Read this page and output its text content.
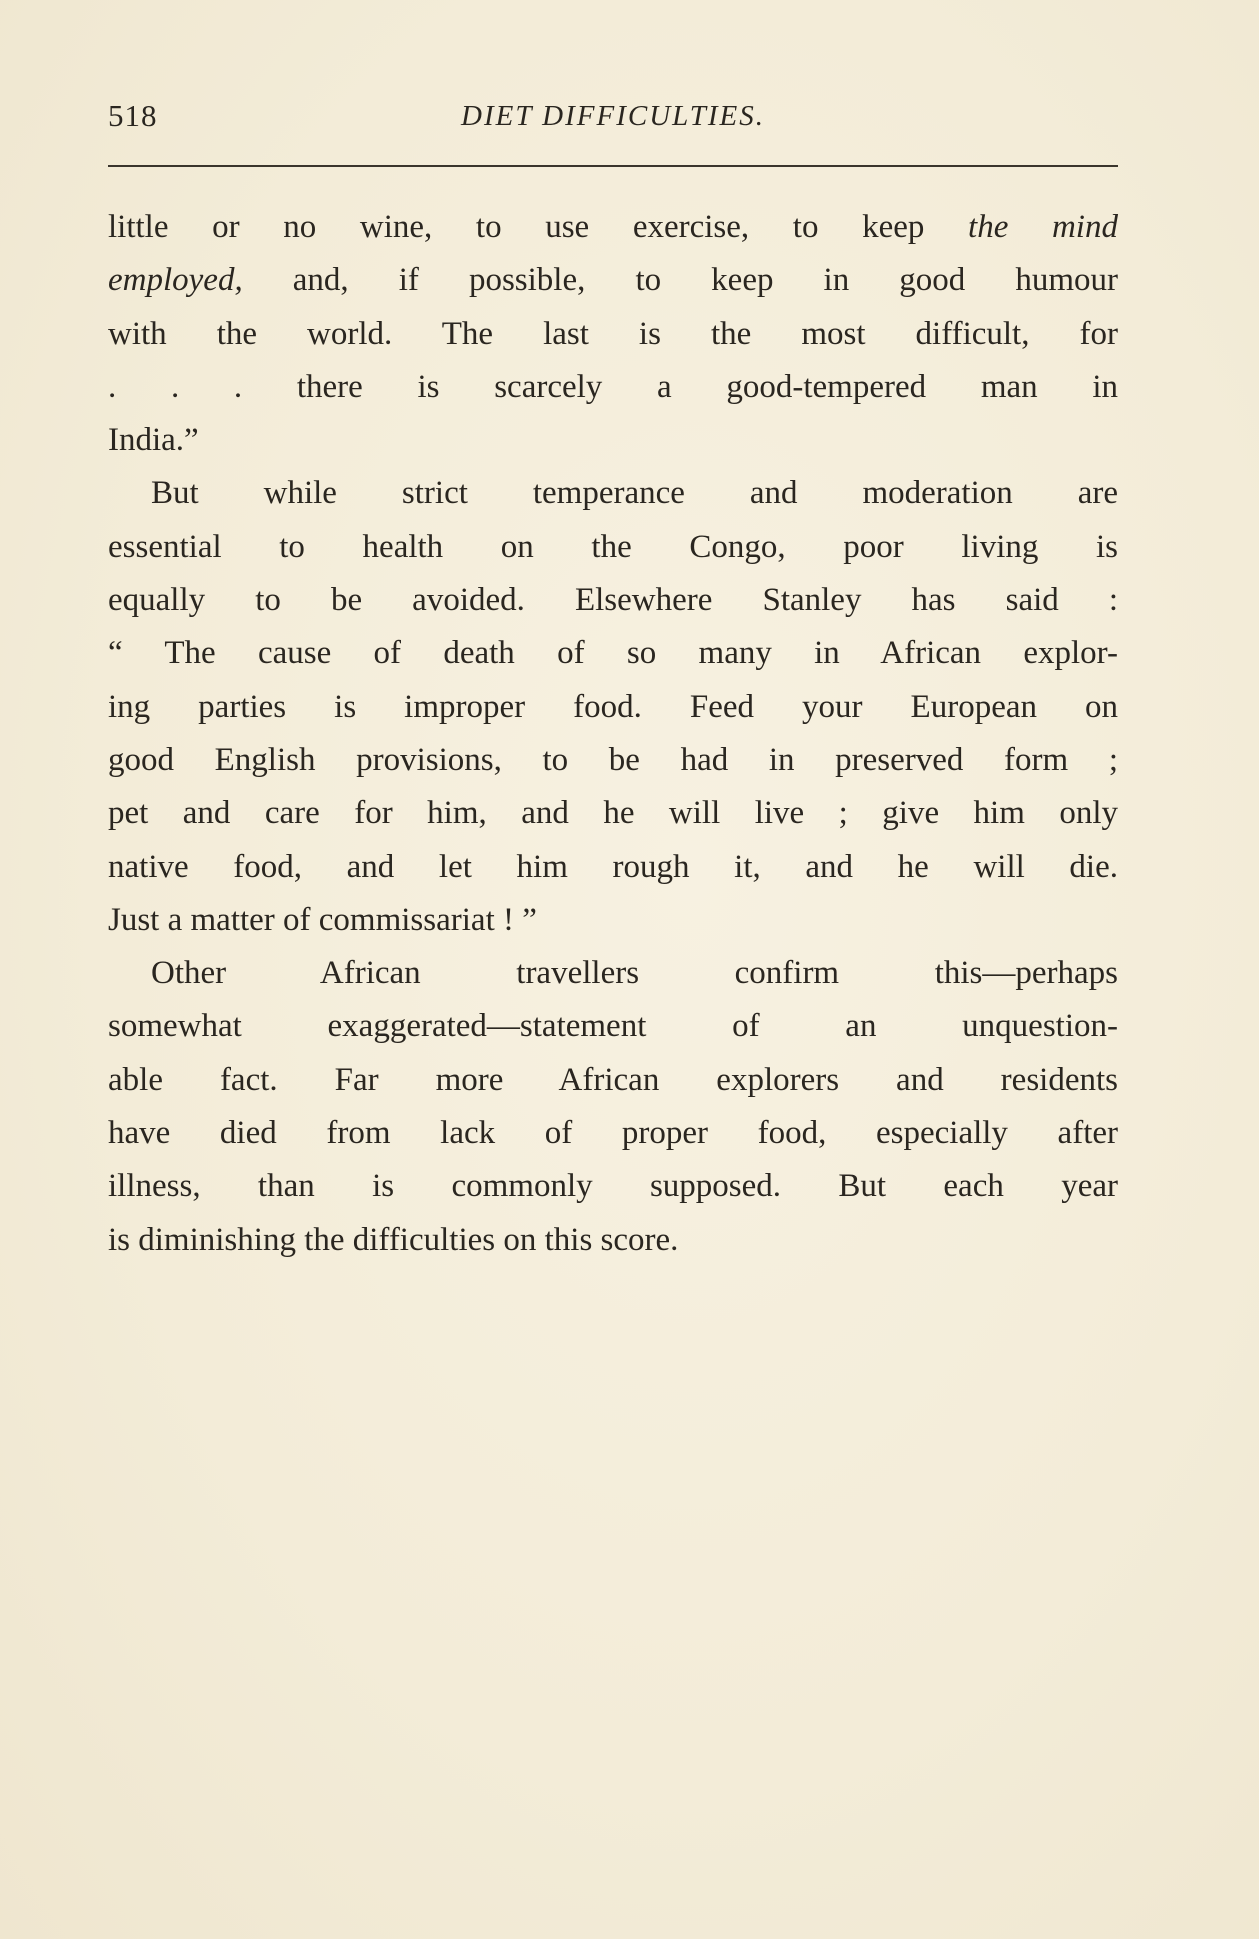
518	DIET DIFFICULTIES.
little or no wine, to use exercise, to keep the mind
employed, and, if possible, to keep in good humour
with the world. The last is the most difficult, for
. . . there is scarcely a good-tempered man in
India.”
But while strict temperance and moderation are
essential to health on the Congo, poor living is
equally to be avoided. Elsewhere Stanley has said :
“ The cause of death of so many in African explor-
ing parties is improper food. Feed your European on
good English provisions, to be had in preserved form ;
pet and care for him, and he will live ; give him only
native food, and let him rough it, and he will die.
Just a matter of commissariat ! ”
Other African travellers confirm this—perhaps
somewhat exaggerated—statement of an unquestion-
able fact. Far more African explorers and residents
have died from lack of proper food, especially after
illness, than is commonly supposed. But each year
is diminishing the difficulties on this score.
